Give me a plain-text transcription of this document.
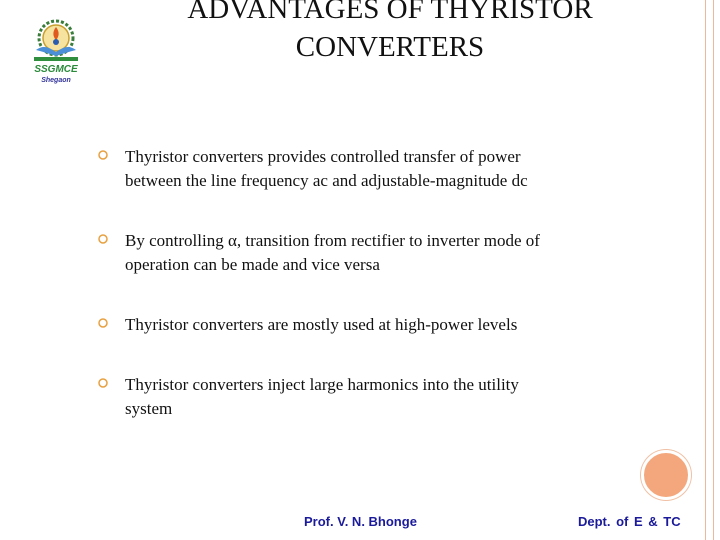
SSGMCE
Shegaon
ADVANTAGES OF THYRISTOR
CONVERTERS
Thyristor converters provides controlled transfer of power
between the line frequency ac and adjustable-magnitude dc
By controlling α, transition from rectifier to inverter mode of
operation can be made and vice versa
Thyristor converters are mostly used at high-power levels
Thyristor converters inject large harmonics into the utility
system
Prof. V. N. Bhonge	Dept. of E & TC
